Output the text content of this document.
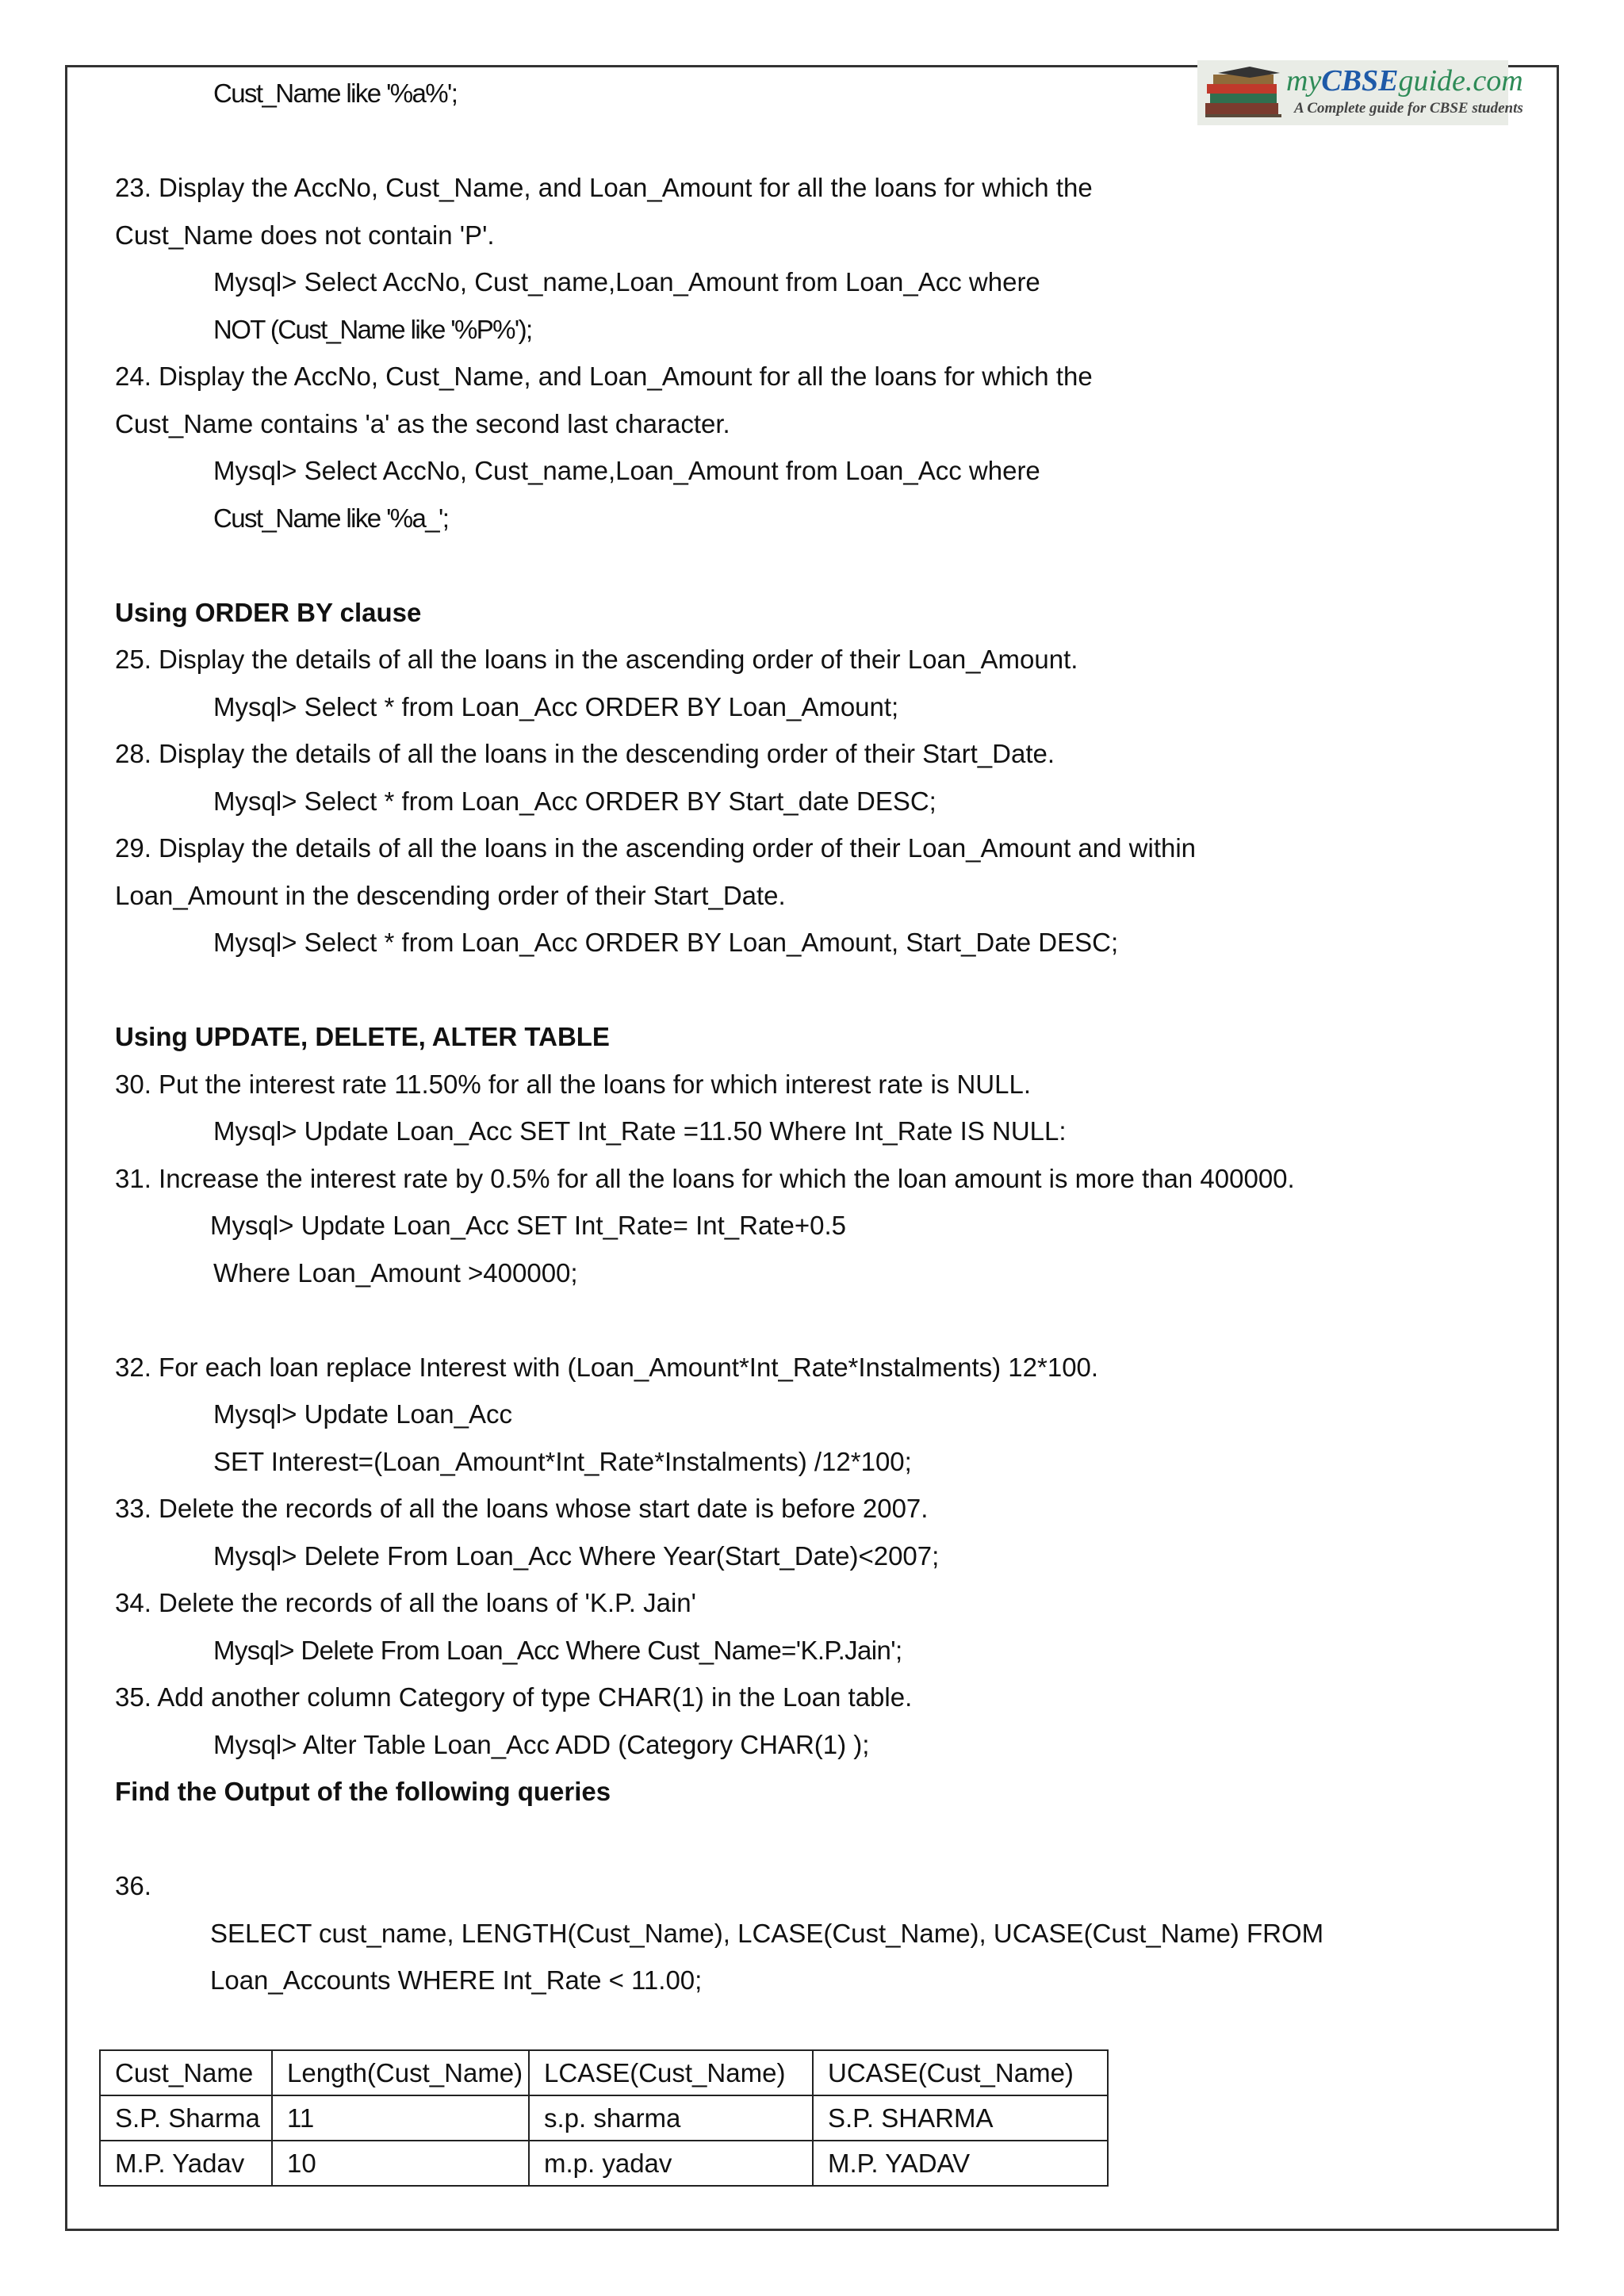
myCBSEguide.com
A Complete guide for CBSE students
Cust_Name like '%a%';
23. Display the AccNo, Cust_Name, and Loan_Amount for all the loans for which the
Cust_Name does not contain 'P'.
Mysql> Select AccNo, Cust_name,Loan_Amount from Loan_Acc where
NOT (Cust_Name like '%P%');
24. Display the AccNo, Cust_Name, and Loan_Amount for all the loans for which the
Cust_Name contains 'a' as the second last character.
Mysql> Select AccNo, Cust_name,Loan_Amount from Loan_Acc where
Cust_Name like '%a_';
Using ORDER BY clause
25. Display the details of all the loans in the ascending order of their Loan_Amount.
Mysql> Select * from Loan_Acc ORDER BY Loan_Amount;
28. Display the details of all the loans in the descending order of their Start_Date.
Mysql> Select * from Loan_Acc ORDER BY Start_date DESC;
29. Display the details of all the loans in the ascending order of their Loan_Amount and within
Loan_Amount in the descending order of their Start_Date.
Mysql> Select * from Loan_Acc ORDER BY Loan_Amount, Start_Date DESC;
Using UPDATE, DELETE, ALTER TABLE
30. Put the interest rate 11.50% for all the loans for which interest rate is NULL.
Mysql> Update Loan_Acc SET Int_Rate =11.50 Where Int_Rate IS NULL:
31. Increase the interest rate by 0.5% for all the loans for which the loan amount is more than 400000.
Mysql> Update Loan_Acc SET Int_Rate= Int_Rate+0.5
Where Loan_Amount >400000;
32. For each loan replace Interest with (Loan_Amount*Int_Rate*Instalments) 12*100.
Mysql> Update Loan_Acc
SET Interest=(Loan_Amount*Int_Rate*Instalments) /12*100;
33. Delete the records of all the loans whose start date is before 2007.
Mysql> Delete From Loan_Acc Where Year(Start_Date)<2007;
34. Delete the records of all the loans of 'K.P. Jain'
Mysql> Delete From Loan_Acc Where Cust_Name='K.P.Jain';
35. Add another column Category of type CHAR(1) in the Loan table.
Mysql> Alter Table Loan_Acc ADD (Category CHAR(1) );
Find the Output of the following queries
36.
SELECT cust_name, LENGTH(Cust_Name), LCASE(Cust_Name), UCASE(Cust_Name) FROM
Loan_Accounts WHERE Int_Rate < 11.00;
Cust_Name	Length(Cust_Name)	LCASE(Cust_Name)	UCASE(Cust_Name)
S.P. Sharma	11	s.p. sharma	S.P. SHARMA
M.P. Yadav	10	m.p. yadav	M.P. YADAV
